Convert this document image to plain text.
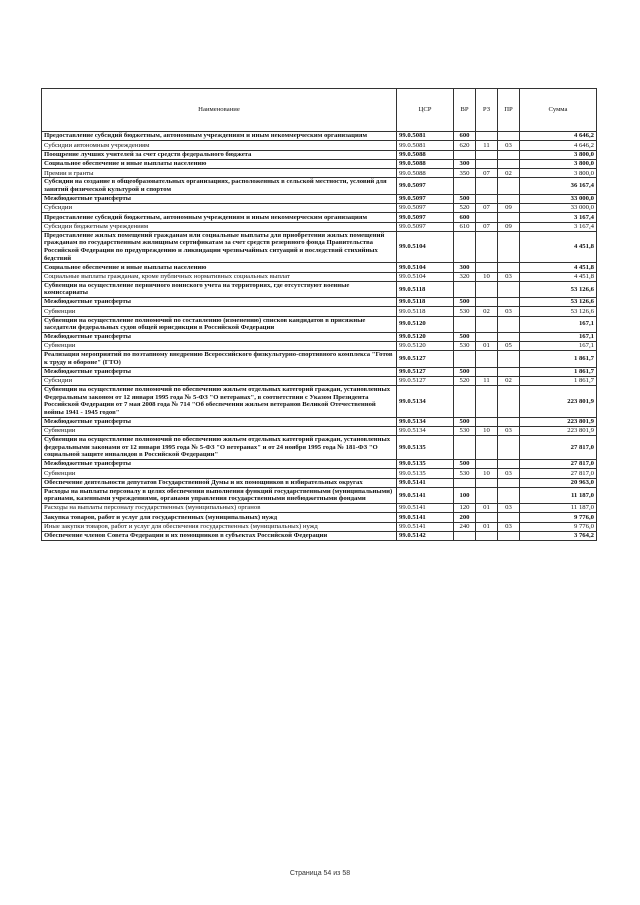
Наименование	ЦСР	ВР	РЗ	ПР	Сумма
Предоставление субсидий бюджетным, автономным учреждениям и иным некоммерческим организациям	99.0.5081	600			4 646,2
Субсидии автономным учреждениям	99.0.5081	620	11	03	4 646,2
Поощрение лучших учителей за счет средств федерального бюджета	99.0.5088				3 800,0
Социальное обеспечение и иные выплаты населению	99.0.5088	300			3 800,0
Премии и гранты	99.0.5088	350	07	02	3 800,0
Субсидии на создание в общеобразовательных организациях, расположенных в сельской местности, условий для занятий физической культурой и спортом	99.0.5097				36 167,4
Межбюджетные трансферты	99.0.5097	500			33 000,0
Субсидии	99.0.5097	520	07	09	33 000,0
Предоставление субсидий бюджетным, автономным учреждениям и иным некоммерческим организациям	99.0.5097	600			3 167,4
Субсидии бюджетным учреждениям	99.0.5097	610	07	09	3 167,4
Предоставление жилых помещений гражданам или социальные выплаты для приобретения жилых помещений гражданам по государственным жилищным сертификатам за счет средств резервного фонда Правительства Российской Федерации по предупреждению и ликвидации чрезвычайных ситуаций и последствий стихийных бедствий	99.0.5104				4 451,8
Социальное обеспечение и иные выплаты населению	99.0.5104	300			4 451,8
Социальные выплаты гражданам, кроме публичных нормативных социальных выплат	99.0.5104	320	10	03	4 451,8
Субвенции на осуществление первичного воинского учета на территориях, где отсутствуют военные комиссариаты	99.0.5118				53 126,6
Межбюджетные трансферты	99.0.5118	500			53 126,6
Субвенции	99.0.5118	530	02	03	53 126,6
Субвенции на осуществление полномочий по составлению (изменению) списков кандидатов в присяжные заседатели федеральных судов общей юрисдикции в Российской Федерации	99.0.5120				167,1
Межбюджетные трансферты	99.0.5120	500			167,1
Субвенции	99.0.5120	530	01	05	167,1
Реализация мероприятий по поэтапному внедрению Всероссийского физкультурно-спортивного комплекса "Готов к труду и обороне" (ГТО)	99.0.5127				1 861,7
Межбюджетные трансферты	99.0.5127	500			1 861,7
Субсидии	99.0.5127	520	11	02	1 861,7
Субвенции на осуществление полномочий по обеспечению жильем отдельных категорий граждан, установленных Федеральным законом от 12 января 1995 года № 5-ФЗ "О ветеранах", в соответствии с Указом Президента Российской Федерации от 7 мая 2008 года № 714 "Об обеспечении жильем ветеранов Великой Отечественной войны 1941 - 1945 годов"	99.0.5134				223 801,9
Межбюджетные трансферты	99.0.5134	500			223 801,9
Субвенции	99.0.5134	530	10	03	223 801,9
Субвенции на осуществление полномочий по обеспечению жильем отдельных категорий граждан, установленных федеральными законами от 12 января 1995 года № 5-ФЗ "О ветеранах" и от 24 ноября 1995 года № 181-ФЗ "О социальной защите инвалидов в Российской Федерации"	99.0.5135				27 817,0
Межбюджетные трансферты	99.0.5135	500			27 817,0
Субвенции	99.0.5135	530	10	03	27 817,0
Обеспечение деятельности депутатов Государственной Думы и их помощников в избирательных округах	99.0.5141				20 963,0
Расходы на выплаты персоналу в целях обеспечения выполнения функций государственными (муниципальными) органами, казенными учреждениями, органами управления государственными внебюджетными фондами	99.0.5141	100			11 187,0
Расходы на выплаты персоналу государственных (муниципальных) органов	99.0.5141	120	01	03	11 187,0
Закупка товаров, работ и услуг для государственных (муниципальных) нужд	99.0.5141	200			9 776,0
Иные закупки товаров, работ и услуг для обеспечения государственных (муниципальных) нужд	99.0.5141	240	01	03	9 776,0
Обеспечение членов Совета Федерации и их помощников в субъектах Российской Федерации	99.0.5142				3 764,2
Страница 54 из 58
